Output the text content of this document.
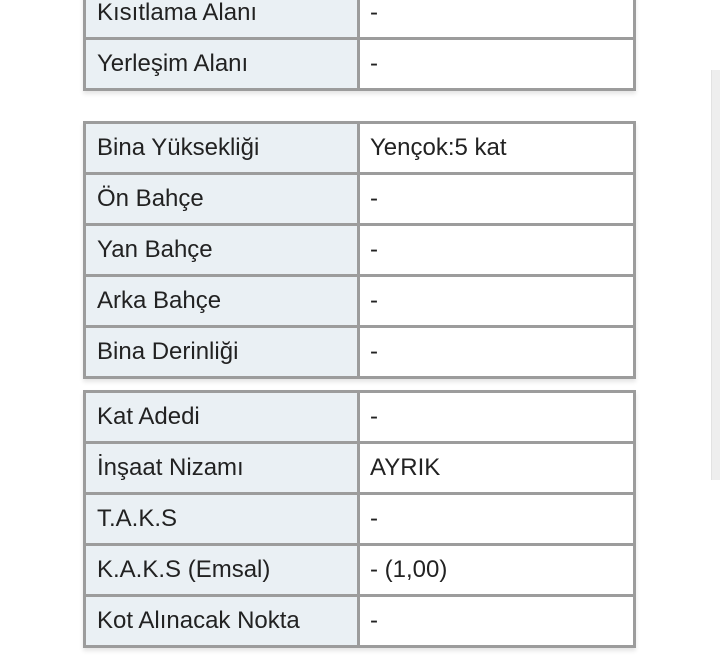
Kısıtlama Alanı	-
Yerleşim Alanı	-
Bina Yüksekliği	Yençok:5 kat
Ön Bahçe	-
Yan Bahçe	-
Arka Bahçe	-
Bina Derinliği	-
Kat Adedi	-
İnşaat Nizamı	AYRIK
T.A.K.S	-
K.A.K.S (Emsal)	- (1,00)
Kot Alınacak Nokta	-
